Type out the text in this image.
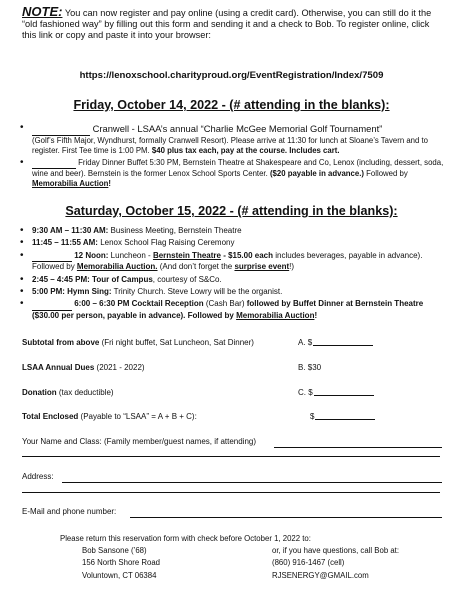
NOTE: You can now register and pay online (using a credit card). Otherwise, you can still do it the “old fashioned way” by filling out this form and sending it and a check to Bob. To register online, click this link or copy and paste it into your browser:
https://lenoxschool.charityproud.org/EventRegistration/Index/7509
Friday, October 14, 2022 - (# attending in the blanks):
• Cranwell - LSAA’s annual “Charlie McGee Memorial Golf Tournament”
(Golf’s Fifth Major, Wyndhurst, formally Cranwell Resort). Please arrive at 11:30 for lunch at Sloane’s Tavern and to register. First Tee time is 1:00 PM. $40 plus tax each, pay at the course. Includes cart.
• Friday Dinner Buffet 5:30 PM, Bernstein Theatre at Shakespeare and Co, Lenox (including, dessert, soda, wine and beer). Bernstein is the former Lenox School Sports Center. ($20 payable in advance.) Followed by Memorabilia Auction!
Saturday, October 15, 2022 - (# attending in the blanks):
• 9:30 AM – 11:30 AM: Business Meeting, Bernstein Theatre
• 11:45 – 11:55 AM: Lenox School Flag Raising Ceremony
• 12 Noon: Luncheon - Bernstein Theatre - $15.00 each includes beverages, payable in advance). Followed by Memorabilia Auction. (And don’t forget the surprise event!)
• 2:45 – 4:45 PM: Tour of Campus, courtesy of S&Co.
• 5:00 PM: Hymn Sing: Trinity Church. Steve Lowry will be the organist.
• 6:00 – 6:30 PM Cocktail Reception (Cash Bar) followed by Buffet Dinner at Bernstein Theatre ($30.00 per person, payable in advance). Followed by Memorabilia Auction!
Subtotal from above (Fri night buffet, Sat Luncheon, Sat Dinner)	A. $
LSAA Annual Dues (2021 - 2022)	B. $30
Donation (tax deductible)	C. $
Total Enclosed (Payable to “LSAA” = A + B + C):	$
Your Name and Class: (Family member/guest names, if attending)
Address:
E-Mail and phone number:
Please return this reservation form with check before October 1, 2022 to:
Bob Sansone (’68)
156 North Shore Road
Voluntown, CT 06384
or, if you have questions, call Bob at:
(860) 916-1467 (cell)
RJSENERGY@GMAIL.com
